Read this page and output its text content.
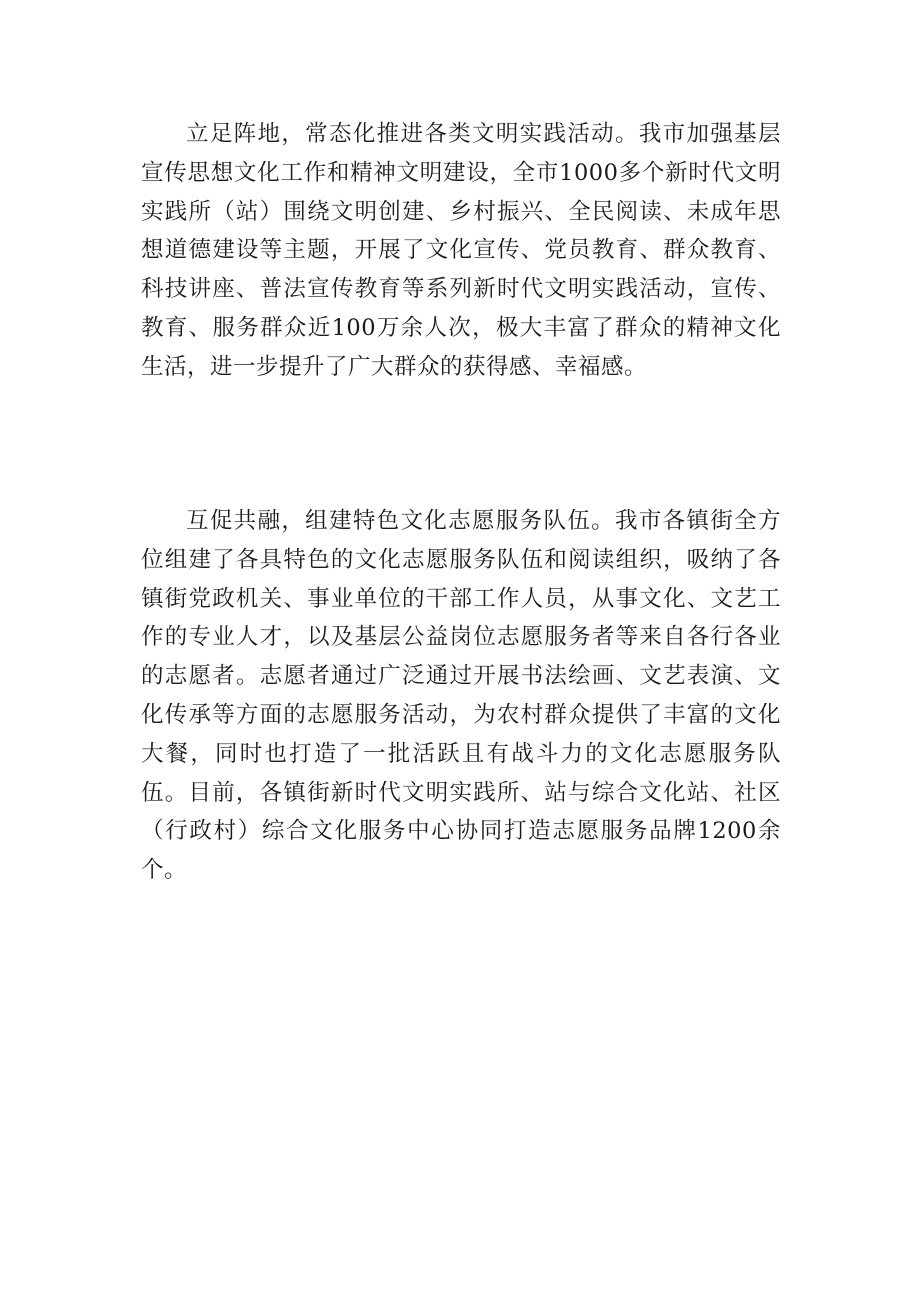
立足阵地，常态化推进各类文明实践活动。我市加强基层宣传思想文化工作和精神文明建设，全市1000多个新时代文明实践所（站）围绕文明创建、乡村振兴、全民阅读、未成年思想道德建设等主题，开展了文化宣传、党员教育、群众教育、科技讲座、普法宣传教育等系列新时代文明实践活动，宣传、教育、服务群众近100万余人次，极大丰富了群众的精神文化生活，进一步提升了广大群众的获得感、幸福感。

互促共融，组建特色文化志愿服务队伍。我市各镇街全方位组建了各具特色的文化志愿服务队伍和阅读组织，吸纳了各镇街党政机关、事业单位的干部工作人员，从事文化、文艺工作的专业人才，以及基层公益岗位志愿服务者等来自各行各业的志愿者。志愿者通过广泛通过开展书法绘画、文艺表演、文化传承等方面的志愿服务活动，为农村群众提供了丰富的文化大餐，同时也打造了一批活跃且有战斗力的文化志愿服务队伍。目前，各镇街新时代文明实践所、站与综合文化站、社区（行政村）综合文化服务中心协同打造志愿服务品牌1200余个。
